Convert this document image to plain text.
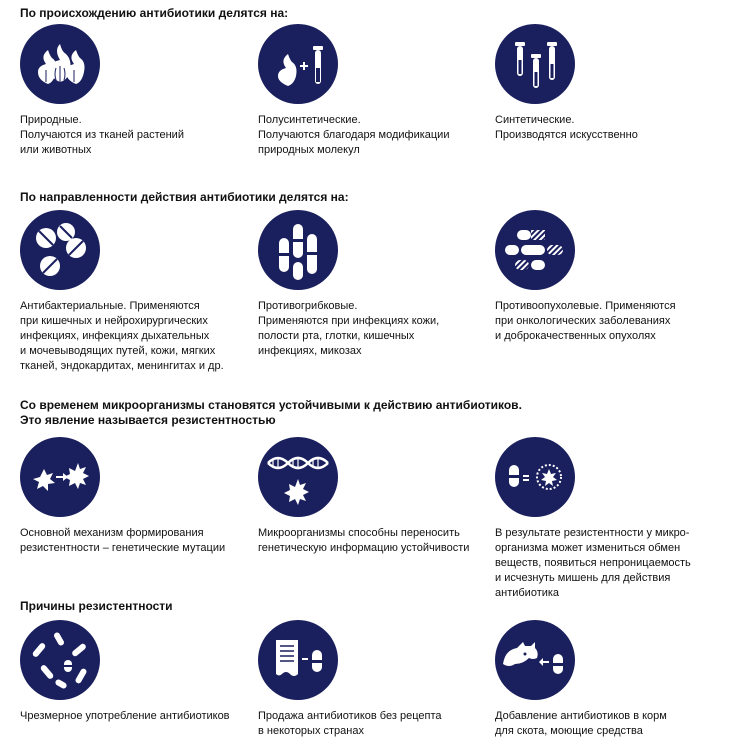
По происхождению антибиотики делятся на:
По направленности действия антибиотики делятся на:
Со временем микроорганизмы становятся устойчивыми к действию антибиотиков.
Это явление называется резистентностью
Причины резистентности
Природные.
Получаются из тканей растений
или животных
Полусинтетические.
Получаются благодаря модификации
природных молекул
Синтетические.
Производятся искусственно
Антибактериальные. Применяются
при кишечных и нейрохирургических
инфекциях, инфекциях дыхательных
и мочевыводящих путей, кожи, мягких
тканей, эндокардитах, менингитах и др.
Противогрибковые.
Применяются при инфекциях кожи,
полости рта, глотки, кишечных
инфекциях, микозах
Противоопухолевые. Применяются
при онкологических заболеваниях
и доброкачественных опухолях
Основной механизм формирования
резистентности – генетические мутации
Микроорганизмы способны переносить
генетическую информацию устойчивости
В результате резистентности у микро-
организма может измениться обмен
веществ, появиться непроницаемость
и исчезнуть мишень для действия
антибиотика
Чрезмерное употребление антибиотиков	Продажа антибиотиков без рецепта
в некоторых странах
Добавление антибиотиков в корм
для скота, моющие средства
